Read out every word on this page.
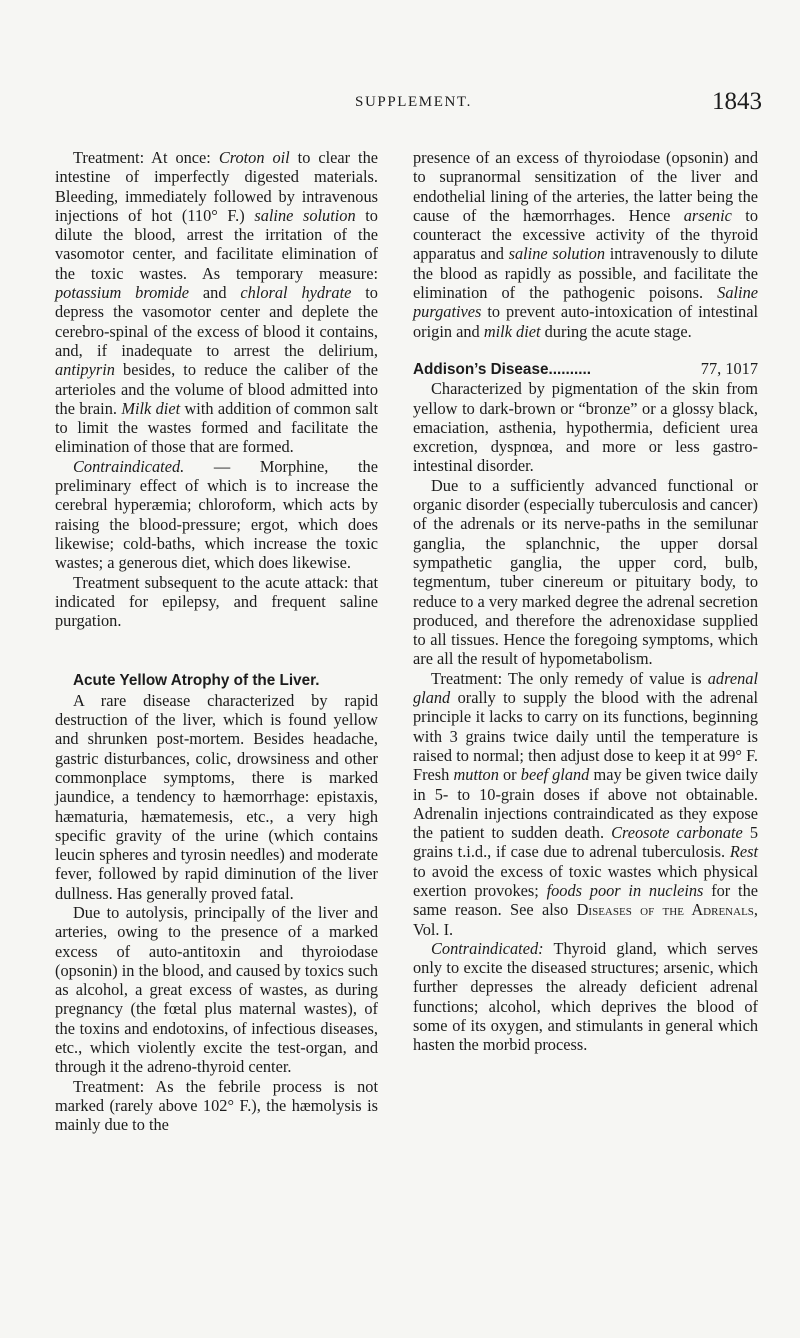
SUPPLEMENT.	1843

Treatment: At once: Croton oil to clear the intestine of imperfectly digested materials. Bleeding, immediately followed by intravenous injections of hot (110° F.) saline solution to dilute the blood, arrest the irritation of the vasomotor center, and facilitate elimination of the toxic wastes. As temporary measure: potassium bromide and chloral hydrate to depress the vasomotor center and deplete the cerebro-spinal of the excess of blood it contains, and, if inadequate to arrest the delirium, antipyrin besides, to reduce the caliber of the arterioles and the volume of blood admitted into the brain. Milk diet with addition of common salt to limit the wastes formed and facilitate the elimination of those that are formed.

Contraindicated. — Morphine, the preliminary effect of which is to increase the cerebral hyperæmia; chloroform, which acts by raising the blood-pressure; ergot, which does likewise; cold-baths, which increase the toxic wastes; a generous diet, which does likewise.

Treatment subsequent to the acute attack: that indicated for epilepsy, and frequent saline purgation.

Acute Yellow Atrophy of the Liver.

A rare disease characterized by rapid destruction of the liver, which is found yellow and shrunken post-mortem. Besides headache, gastric disturbances, colic, drowsiness and other commonplace symptoms, there is marked jaundice, a tendency to hæmorrhage: epistaxis, hæmaturia, hæmatemesis, etc., a very high specific gravity of the urine (which contains leucin spheres and tyrosin needles) and moderate fever, followed by rapid diminution of the liver dullness. Has generally proved fatal.

Due to autolysis, principally of the liver and arteries, owing to the presence of a marked excess of auto-antitoxin and thyroiodase (opsonin) in the blood, and caused by toxics such as alcohol, a great excess of wastes, as during pregnancy (the fœtal plus maternal wastes), of the toxins and endotoxins, of infectious diseases, etc., which violently excite the test-organ, and through it the adreno-thyroid center.

Treatment: As the febrile process is not marked (rarely above 102° F.), the hæmolysis is mainly due to the

presence of an excess of thyroiodase (opsonin) and to supranormal sensitization of the liver and endothelial lining of the arteries, the latter being the cause of the hæmorrhages. Hence arsenic to counteract the excessive activity of the thyroid apparatus and saline solution intravenously to dilute the blood as rapidly as possible, and facilitate the elimination of the pathogenic poisons. Saline purgatives to prevent auto-intoxication of intestinal origin and milk diet during the acute stage.

Addison’s Disease ..........	77, 1017

Characterized by pigmentation of the skin from yellow to dark-brown or “bronze” or a glossy black, emaciation, asthenia, hypothermia, deficient urea excretion, dyspnœa, and more or less gastro-intestinal disorder.

Due to a sufficiently advanced functional or organic disorder (especially tuberculosis and cancer) of the adrenals or its nerve-paths in the semilunar ganglia, the splanchnic, the upper dorsal sympathetic ganglia, the upper cord, bulb, tegmentum, tuber cinereum or pituitary body, to reduce to a very marked degree the adrenal secretion produced, and therefore the adrenoxidase supplied to all tissues. Hence the foregoing symptoms, which are all the result of hypometabolism.

Treatment: The only remedy of value is adrenal gland orally to supply the blood with the adrenal principle it lacks to carry on its functions, beginning with 3 grains twice daily until the temperature is raised to normal; then adjust dose to keep it at 99° F. Fresh mutton or beef gland may be given twice daily in 5- to 10-grain doses if above not obtainable. Adrenalin injections contraindicated as they expose the patient to sudden death. Creosote carbonate 5 grains t.i.d., if case due to adrenal tuberculosis. Rest to avoid the excess of toxic wastes which physical exertion provokes; foods poor in nucleins for the same reason. See also Diseases of the Adrenals, Vol. I.

Contraindicated: Thyroid gland, which serves only to excite the diseased structures; arsenic, which further depresses the already deficient adrenal functions; alcohol, which deprives the blood of some of its oxygen, and stimulants in general which hasten the morbid process.
